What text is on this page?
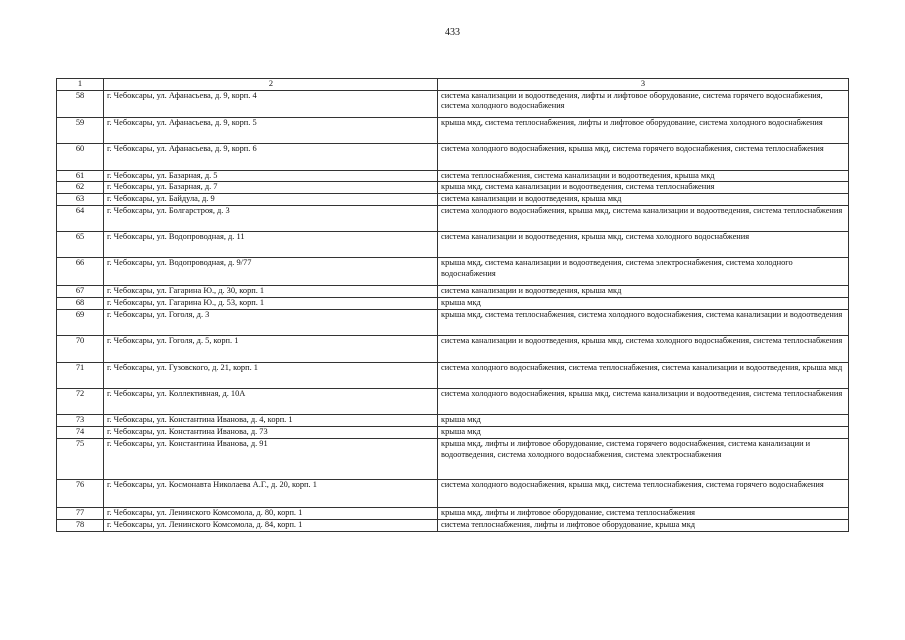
433
1	2	3
58	г. Чебоксары, ул. Афанасьева, д. 9, корп. 4	система канализации и водоотведения, лифты и лифтовое оборудование, система горячего водоснабжения, система холодного водоснабжения
59	г. Чебоксары, ул. Афанасьева, д. 9, корп. 5	крыша мкд, система теплоснабжения, лифты и лифтовое оборудование, система холодного водоснабжения
60	г. Чебоксары, ул. Афанасьева, д. 9, корп. 6	система холодного водоснабжения, крыша мкд, система горячего водоснабжения, система теплоснабжения
61	г. Чебоксары, ул. Базарная, д. 5	система теплоснабжения, система канализации и водоотведения, крыша мкд
62	г. Чебоксары, ул. Базарная, д. 7	крыша мкд, система канализации и водоотведения, система теплоснабжения
63	г. Чебоксары, ул. Байдула, д. 9	система канализации и водоотведения, крыша мкд
64	г. Чебоксары, ул. Болгарстроя, д. 3	система холодного водоснабжения, крыша мкд, система канализации и водоотведения, система теплоснабжения
65	г. Чебоксары, ул. Водопроводная, д. 11	система канализации и водоотведения, крыша мкд, система холодного водоснабжения
66	г. Чебоксары, ул. Водопроводная, д. 9/77	крыша мкд, система канализации и водоотведения, система электроснабжения, система холодного водоснабжения
67	г. Чебоксары, ул. Гагарина Ю., д. 30, корп. 1	система канализации и водоотведения, крыша мкд
68	г. Чебоксары, ул. Гагарина Ю., д. 53, корп. 1	крыша мкд
69	г. Чебоксары, ул. Гоголя, д. 3	крыша мкд, система теплоснабжения, система холодного водоснабжения, система канализации и водоотведения
70	г. Чебоксары, ул. Гоголя, д. 5, корп. 1	система канализации и водоотведения, крыша мкд, система холодного водоснабжения, система теплоснабжения
71	г. Чебоксары, ул. Гузовского, д. 21, корп. 1	система холодного водоснабжения, система теплоснабжения, система канализации и водоотведения, крыша мкд
72	г. Чебоксары, ул. Коллективная, д. 10А	система холодного водоснабжения, крыша мкд, система канализации и водоотведения, система теплоснабжения
73	г. Чебоксары, ул. Константина Иванова, д. 4, корп. 1	крыша мкд
74	г. Чебоксары, ул. Константина Иванова, д. 73	крыша мкд
75	г. Чебоксары, ул. Константина Иванова, д. 91	крыша мкд, лифты и лифтовое оборудование, система горячего водоснабжения, система канализации и водоотведения, система холодного водоснабжения, система электроснабжения
76	г. Чебоксары, ул. Космонавта Николаева А.Г., д. 20, корп. 1	система холодного водоснабжения, крыша мкд, система теплоснабжения, система горячего водоснабжения
77	г. Чебоксары, ул. Ленинского Комсомола, д. 80, корп. 1	крыша мкд, лифты и лифтовое оборудование, система теплоснабжения
78	г. Чебоксары, ул. Ленинского Комсомола, д. 84, корп. 1	система теплоснабжения, лифты и лифтовое оборудование, крыша мкд
